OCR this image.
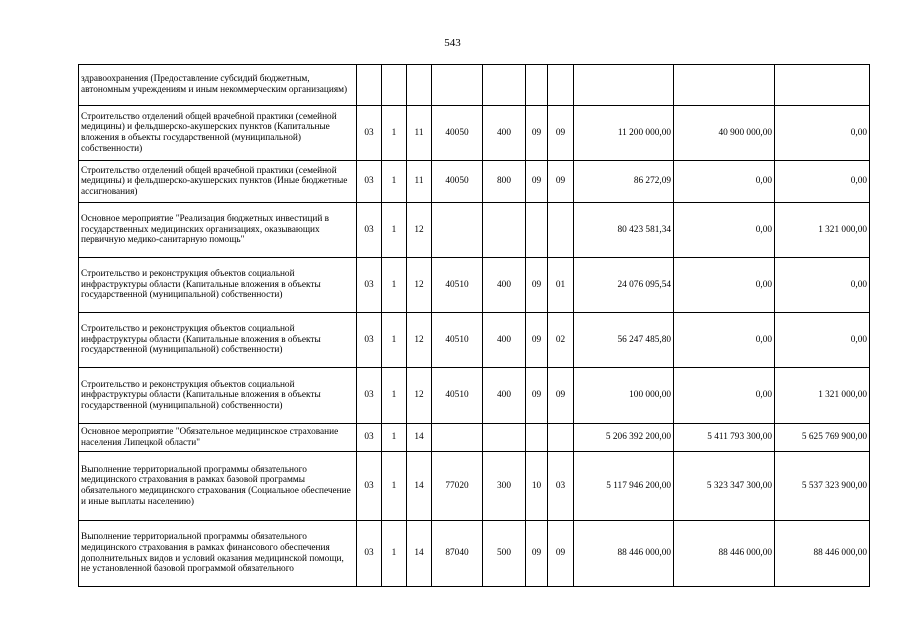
543
здравоохранения (Предоставление субсидий бюджетным, автономным учреждениям и иным некоммерческим организациям)										
Строительство отделений общей врачебной практики (семейной медицины) и фельдшерско-акушерских пунктов (Капитальные вложения в объекты государственной (муниципальной) собственности)	03	1	11	40050	400	09	09	11 200 000,00	40 900 000,00	0,00
Строительство отделений общей врачебной практики (семейной медицины) и фельдшерско-акушерских пунктов (Иные бюджетные ассигнования)	03	1	11	40050	800	09	09	86 272,09	0,00	0,00
Основное мероприятие "Реализация бюджетных инвестиций в государственных медицинских организациях, оказывающих первичную медико-санитарную помощь"	03	1	12					80 423 581,34	0,00	1 321 000,00
Строительство и реконструкция объектов социальной инфраструктуры области (Капитальные вложения в объекты государственной (муниципальной) собственности)	03	1	12	40510	400	09	01	24 076 095,54	0,00	0,00
Строительство и реконструкция объектов социальной инфраструктуры области (Капитальные вложения в объекты государственной (муниципальной) собственности)	03	1	12	40510	400	09	02	56 247 485,80	0,00	0,00
Строительство и реконструкция объектов социальной инфраструктуры области (Капитальные вложения в объекты государственной (муниципальной) собственности)	03	1	12	40510	400	09	09	100 000,00	0,00	1 321 000,00
Основное мероприятие "Обязательное медицинское страхование населения Липецкой области"	03	1	14					5 206 392 200,00	5 411 793 300,00	5 625 769 900,00
Выполнение территориальной программы обязательного медицинского страхования в рамках базовой программы обязательного медицинского страхования (Социальное обеспечение и иные выплаты населению)	03	1	14	77020	300	10	03	5 117 946 200,00	5 323 347 300,00	5 537 323 900,00
Выполнение территориальной программы обязательного медицинского страхования в рамках финансового обеспечения дополнительных видов и условий оказания медицинской помощи, не установленной базовой программой обязательного	03	1	14	87040	500	09	09	88 446 000,00	88 446 000,00	88 446 000,00
